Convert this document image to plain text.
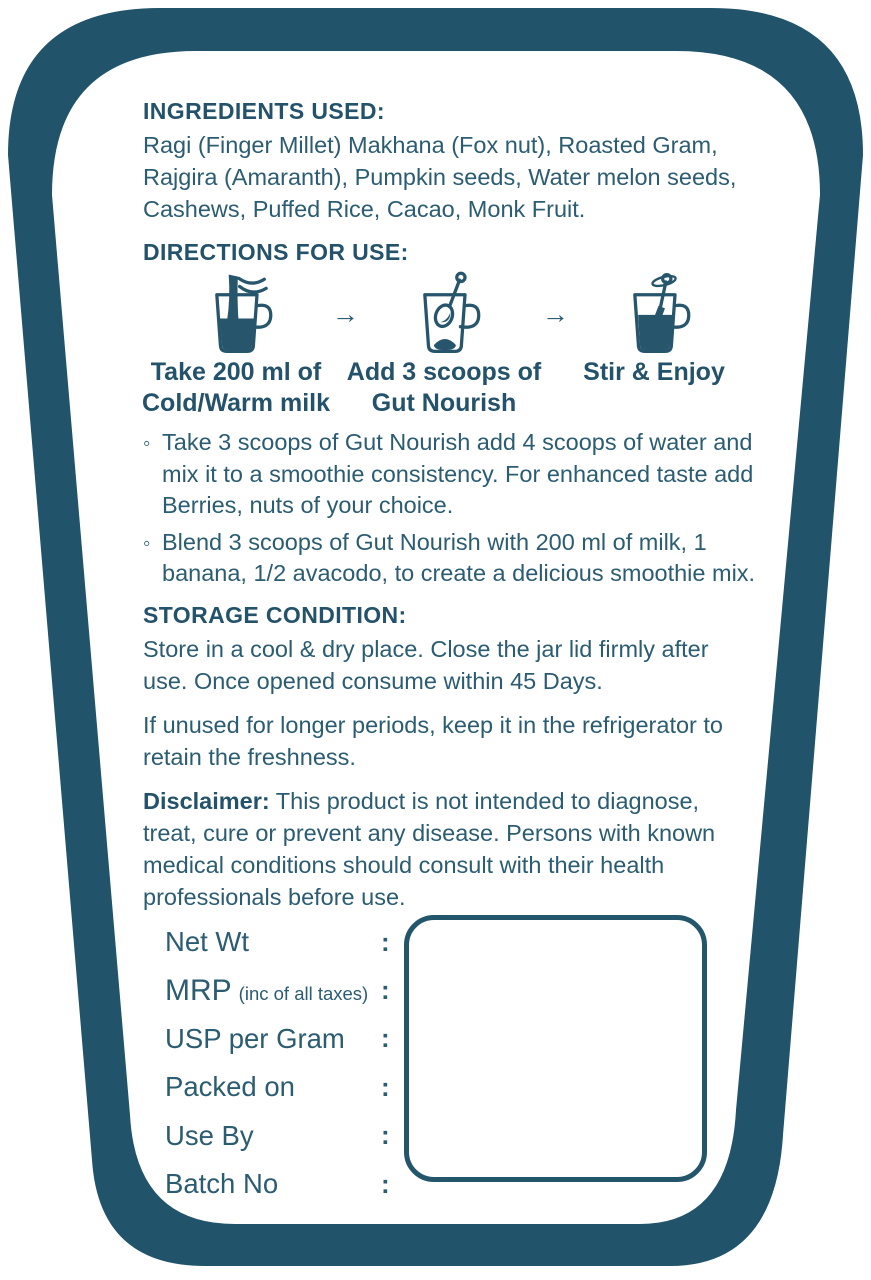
INGREDIENTS USED:

Ragi (Finger Millet) Makhana (Fox nut), Roasted Gram, Rajgira (Amaranth), Pumpkin seeds, Water melon seeds, Cashews, Puffed Rice, Cacao, Monk Fruit.

DIRECTIONS FOR USE:
Take 200 ml of
Cold/Warm milk
→
Add 3 scoops of
Gut Nourish
→
Stir & Enjoy
◦ Take 3 scoops of Gut Nourish add 4 scoops of water and mix it to a smoothie consistency. For enhanced taste add Berries, nuts of your choice.
◦ Blend 3 scoops of Gut Nourish with 200 ml of milk, 1 banana, 1/2 avacodo, to create a delicious smoothie mix.
STORAGE CONDITION:

Store in a cool & dry place. Close the jar lid firmly after use. Once opened consume within 45 Days.

If unused for longer periods, keep it in the refrigerator to retain the freshness.

Disclaimer: This product is not intended to diagnose, treat, cure or prevent any disease. Persons with known medical conditions should consult with their health professionals before use.

Net Wt	:
MRP (inc of all taxes) :
USP per Gram :
Packed on	:
Use By	:
Batch No	:
